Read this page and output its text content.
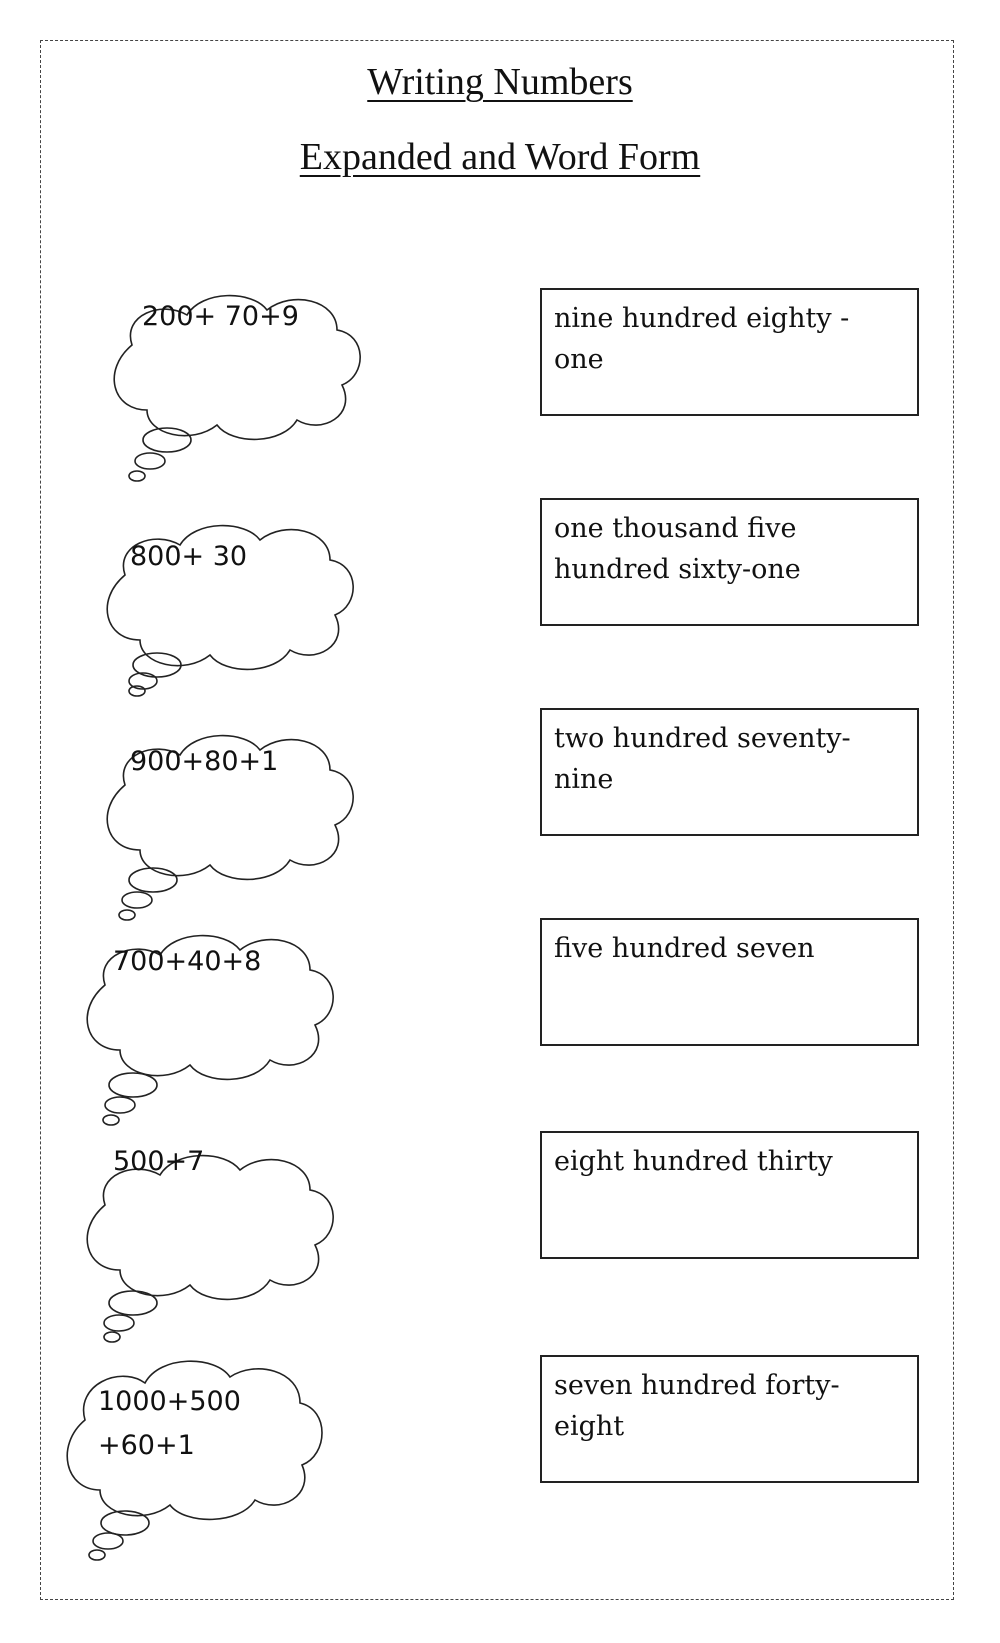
Writing Numbers
Expanded and Word Form
200+ 70+9
800+ 30
900+80+1
700+40+8
500+7
1000+500
+60+1
nine hundred eighty - one
one thousand five hundred sixty-one
two hundred seventy-nine
five hundred seven
eight hundred thirty
seven hundred forty-eight
